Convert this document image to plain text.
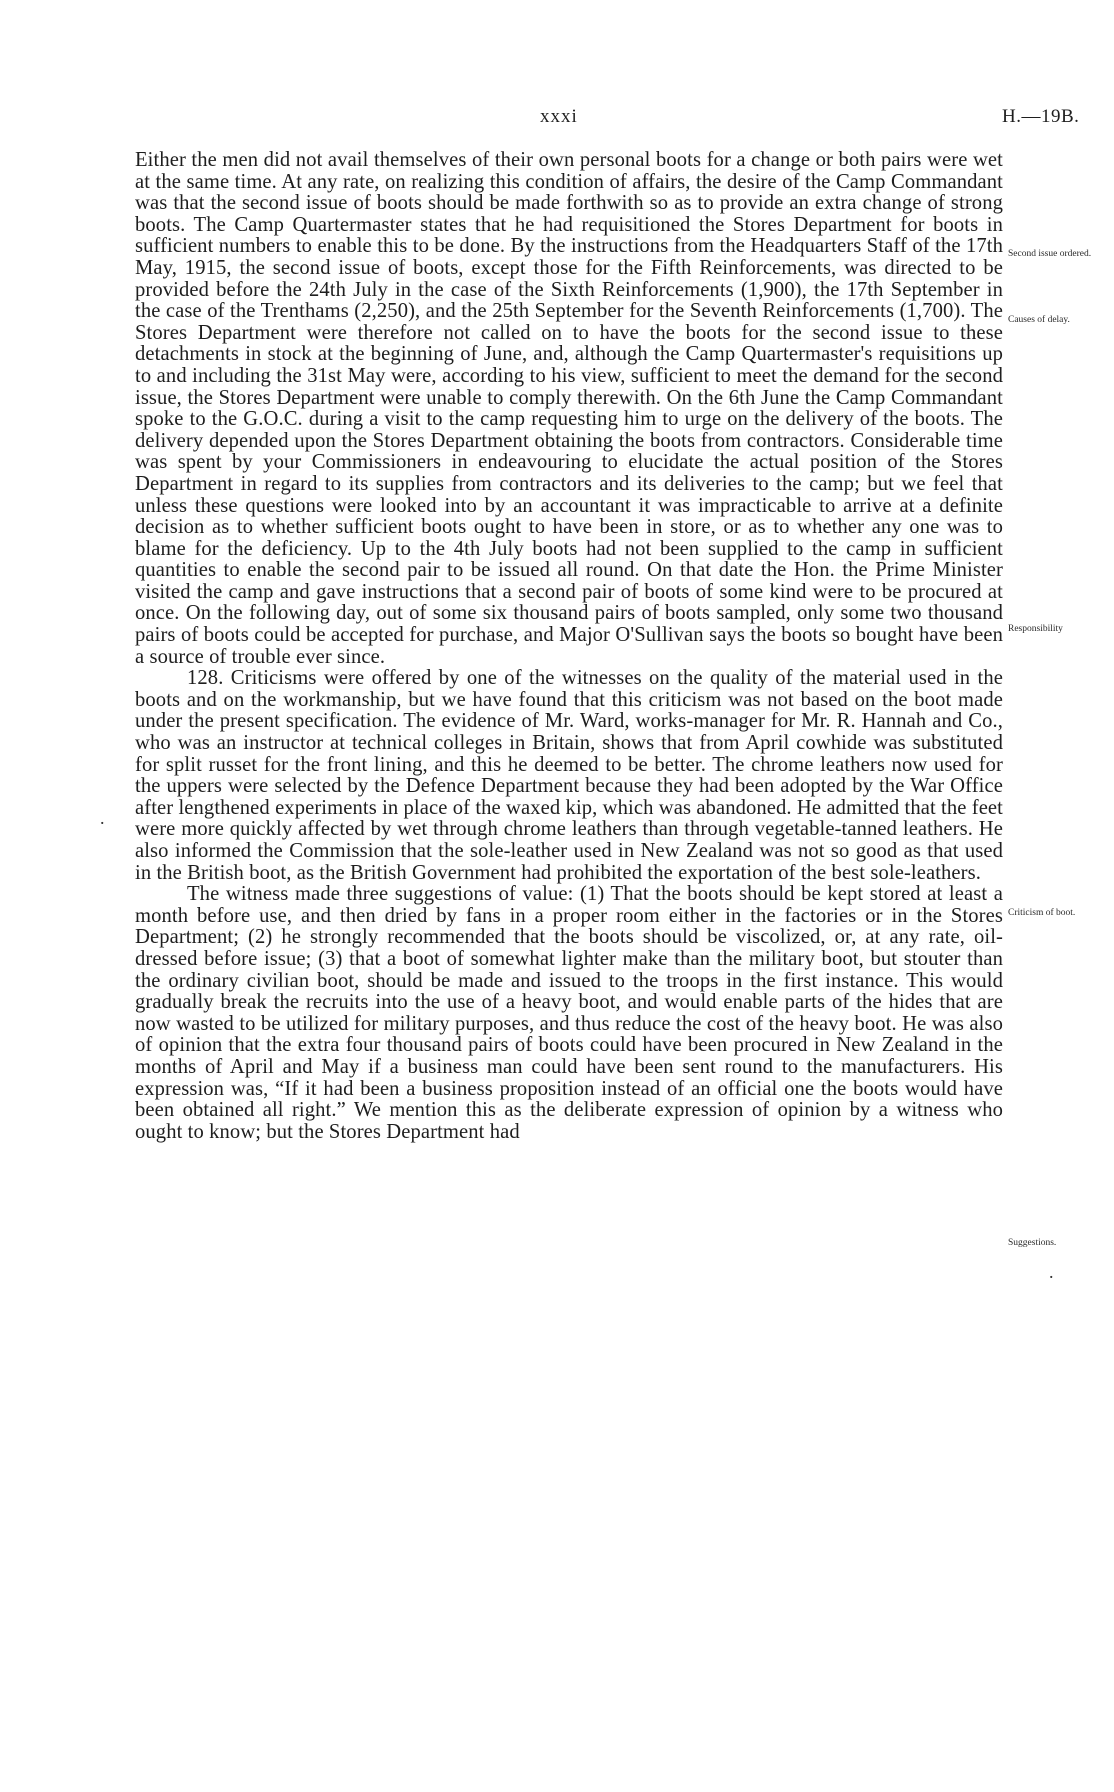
xxxi	H.—19B.

Either the men did not avail themselves of their own personal boots for a change or both pairs were wet at the same time. At any rate, on realizing this condition of affairs, the desire of the Camp Commandant was that the second issue of boots should be made forthwith so as to provide an extra change of strong boots. The Camp Quartermaster states that he had requisitioned the Stores Department for boots in sufficient numbers to enable this to be done. By the instructions from the Headquarters Staff of the 17th May, 1915, the second issue of boots, except those for the Fifth Reinforcements, was directed to be provided before the 24th July in the case of the Sixth Reinforcements (1,900), the 17th September in the case of the Trenthams (2,250), and the 25th September for the Seventh Reinforcements (1,700). The Stores Department were therefore not called on to have the boots for the second issue to these detachments in stock at the beginning of June, and, although the Camp Quartermaster's requisitions up to and including the 31st May were, according to his view, sufficient to meet the demand for the second issue, the Stores Department were unable to comply therewith. On the 6th June the Camp Commandant spoke to the G.O.C. during a visit to the camp requesting him to urge on the delivery of the boots. The delivery depended upon the Stores Department obtaining the boots from contractors. Considerable time was spent by your Commissioners in endeavouring to elucidate the actual position of the Stores Department in regard to its supplies from contractors and its deliveries to the camp; but we feel that unless these questions were looked into by an accountant it was impracticable to arrive at a definite decision as to whether sufficient boots ought to have been in store, or as to whether any one was to blame for the deficiency. Up to the 4th July boots had not been supplied to the camp in sufficient quantities to enable the second pair to be issued all round. On that date the Hon. the Prime Minister visited the camp and gave instructions that a second pair of boots of some kind were to be procured at once. On the following day, out of some six thousand pairs of boots sampled, only some two thousand pairs of boots could be accepted for purchase, and Major O'Sullivan says the boots so bought have been a source of trouble ever since.

128. Criticisms were offered by one of the witnesses on the quality of the material used in the boots and on the workmanship, but we have found that this criticism was not based on the boot made under the present specification. The evidence of Mr. Ward, works-manager for Mr. R. Hannah and Co., who was an instructor at technical colleges in Britain, shows that from April cowhide was substituted for split russet for the front lining, and this he deemed to be better. The chrome leathers now used for the uppers were selected by the Defence Department because they had been adopted by the War Office after lengthened experiments in place of the waxed kip, which was abandoned. He admitted that the feet were more quickly affected by wet through chrome leathers than through vegetable-tanned leathers. He also informed the Commission that the sole-leather used in New Zealand was not so good as that used in the British boot, as the British Government had prohibited the exportation of the best sole-leathers.

The witness made three suggestions of value: (1) That the boots should be kept stored at least a month before use, and then dried by fans in a proper room either in the factories or in the Stores Department; (2) he strongly recommended that the boots should be viscolized, or, at any rate, oil-dressed before issue; (3) that a boot of somewhat lighter make than the military boot, but stouter than the ordinary civilian boot, should be made and issued to the troops in the first instance. This would gradually break the recruits into the use of a heavy boot, and would enable parts of the hides that are now wasted to be utilized for military purposes, and thus reduce the cost of the heavy boot. He was also of opinion that the extra four thousand pairs of boots could have been procured in New Zealand in the months of April and May if a business man could have been sent round to the manufacturers. His expression was, “If it had been a business proposition instead of an official one the boots would have been obtained all right.” We mention this as the deliberate expression of opinion by a witness who ought to know; but the Stores Department had

Second issue ordered.
Causes of delay.
Responsibility
Criticism of boot.
Suggestions.
.
.
